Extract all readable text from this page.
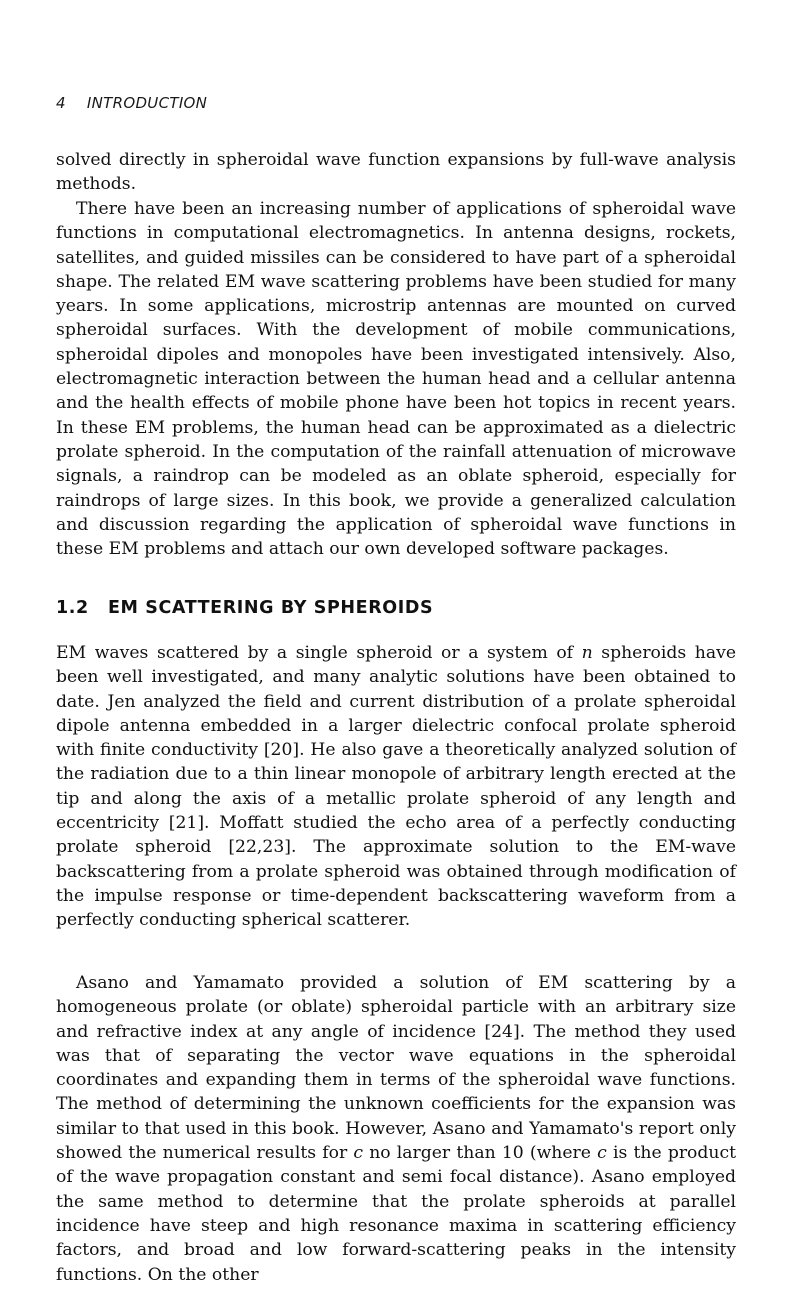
4 INTRODUCTION

solved directly in spheroidal wave function expansions by full-wave analysis methods.

There have been an increasing number of applications of spheroidal wave functions in computational electromagnetics. In antenna designs, rockets, satellites, and guided missiles can be considered to have part of a spheroidal shape. The related EM wave scattering problems have been studied for many years. In some applications, microstrip antennas are mounted on curved spheroidal surfaces. With the development of mobile communications, spheroidal dipoles and monopoles have been investigated intensively. Also, electromagnetic interaction between the human head and a cellular antenna and the health effects of mobile phone have been hot topics in recent years. In these EM problems, the human head can be approximated as a dielectric prolate spheroid. In the computation of the rainfall attenuation of microwave signals, a raindrop can be modeled as an oblate spheroid, especially for raindrops of large sizes. In this book, we provide a generalized calculation and discussion regarding the application of spheroidal wave functions in these EM problems and attach our own developed software packages.

1.2 EM SCATTERING BY SPHEROIDS

EM waves scattered by a single spheroid or a system of n spheroids have been well investigated, and many analytic solutions have been obtained to date. Jen analyzed the field and current distribution of a prolate spheroidal dipole antenna embedded in a larger dielectric confocal prolate spheroid with finite conductivity [20]. He also gave a theoretically analyzed solution of the radiation due to a thin linear monopole of arbitrary length erected at the tip and along the axis of a metallic prolate spheroid of any length and eccentricity [21]. Moffatt studied the echo area of a perfectly conducting prolate spheroid [22,23]. The approximate solution to the EM-wave backscattering from a prolate spheroid was obtained through modification of the impulse response or time-dependent backscattering waveform from a perfectly conducting spherical scatterer.

Asano and Yamamato provided a solution of EM scattering by a homogeneous prolate (or oblate) spheroidal particle with an arbitrary size and refractive index at any angle of incidence [24]. The method they used was that of separating the vector wave equations in the spheroidal coordinates and expanding them in terms of the spheroidal wave functions. The method of determining the unknown coefficients for the expansion was similar to that used in this book. However, Asano and Yamamato's report only showed the numerical results for c no larger than 10 (where c is the product of the wave propagation constant and semi focal distance). Asano employed the same method to determine that the prolate spheroids at parallel incidence have steep and high resonance maxima in scattering efficiency factors, and broad and low forward-scattering peaks in the intensity functions. On the other
